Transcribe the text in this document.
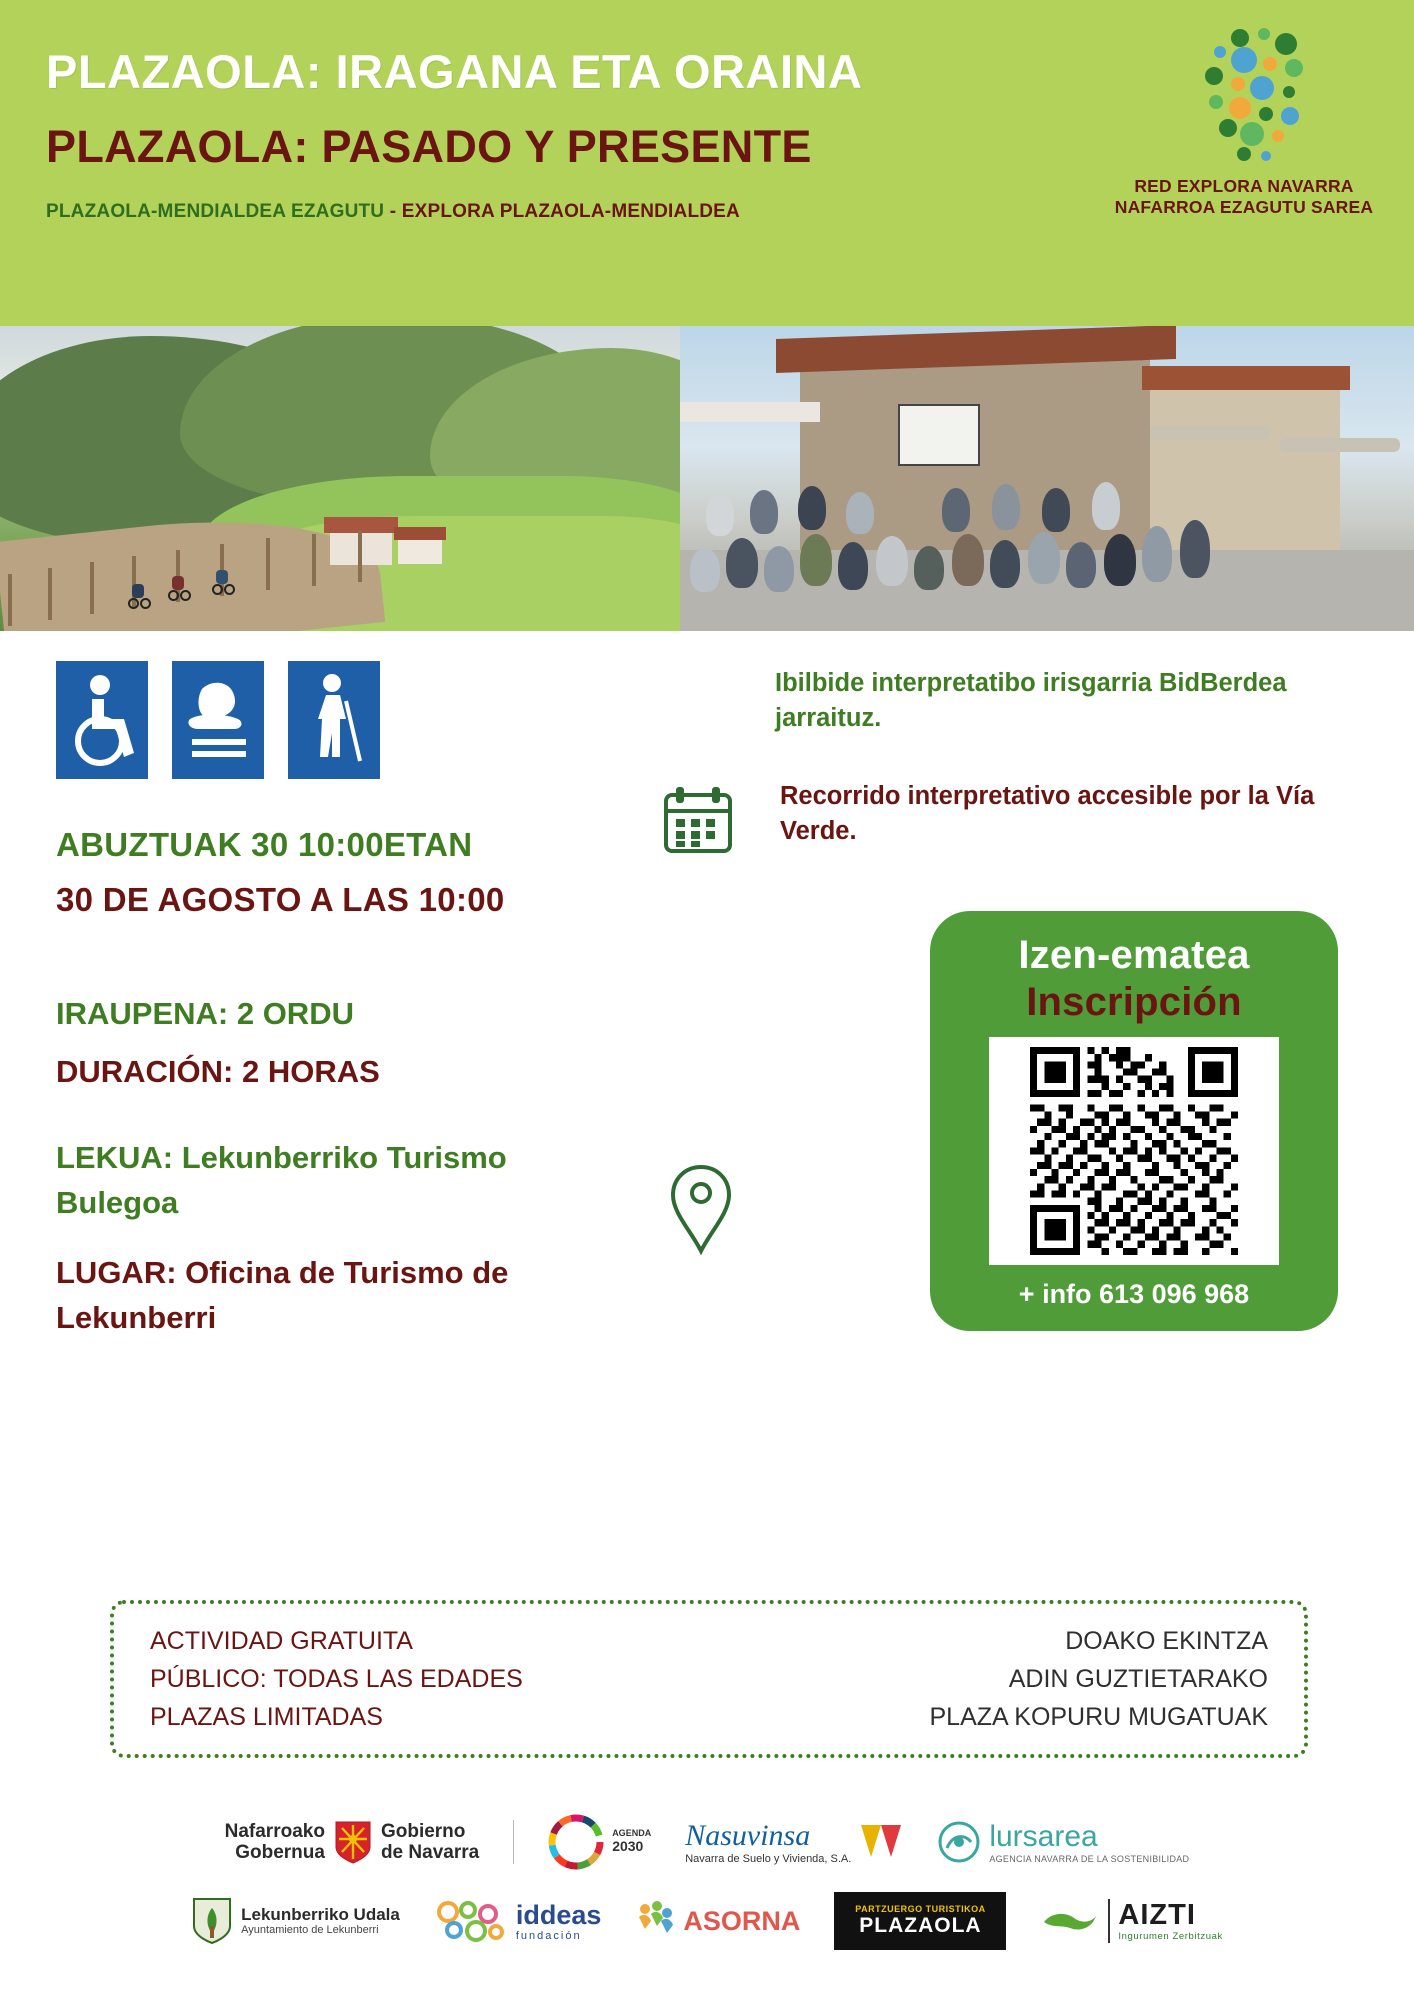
PLAZAOLA: IRAGANA ETA ORAINA
PLAZAOLA: PASADO Y PRESENTE
PLAZAOLA-MENDIALDEA EZAGUTU - EXPLORA PLAZAOLA-MENDIALDEA
RED EXPLORA NAVARRA
NAFARROA EZAGUTU SAREA
Ibilbide interpretatibo irisgarria BidBerdea jarraituz.
Recorrido interpretativo accesible por la Vía Verde.
ABUZTUAK 30 10:00ETAN
30 DE AGOSTO A LAS 10:00
IRAUPENA: 2 ORDU
DURACIÓN: 2 HORAS
LEKUA: Lekunberriko Turismo Bulegoa
LUGAR: Oficina de Turismo de Lekunberri
Izen-ematea
Inscripción
+ info 613 096 968
ACTIVIDAD GRATUITA
PÚBLICO: TODAS LAS EDADES
PLAZAS LIMITADAS
DOAKO EKINTZA
ADIN GUZTIETARAKO
PLAZA KOPURU MUGATUAK
Nafarroako
Gobernua
Gobierno
de Navarra
AGENDA
2030 Nasuvinsa
Navarra de Suelo y Vivienda, S.A.
lursarea
AGENCIA NAVARRA DE LA SOSTENIBILIDAD
Lekunberriko Udala
Ayuntamiento de Lekunberri
iddeas
fundación
ASORNA	PARTZUERGO TURISTIKOA
PLAZAOLA	AIZTI
Ingurumen Zerbitzuak
